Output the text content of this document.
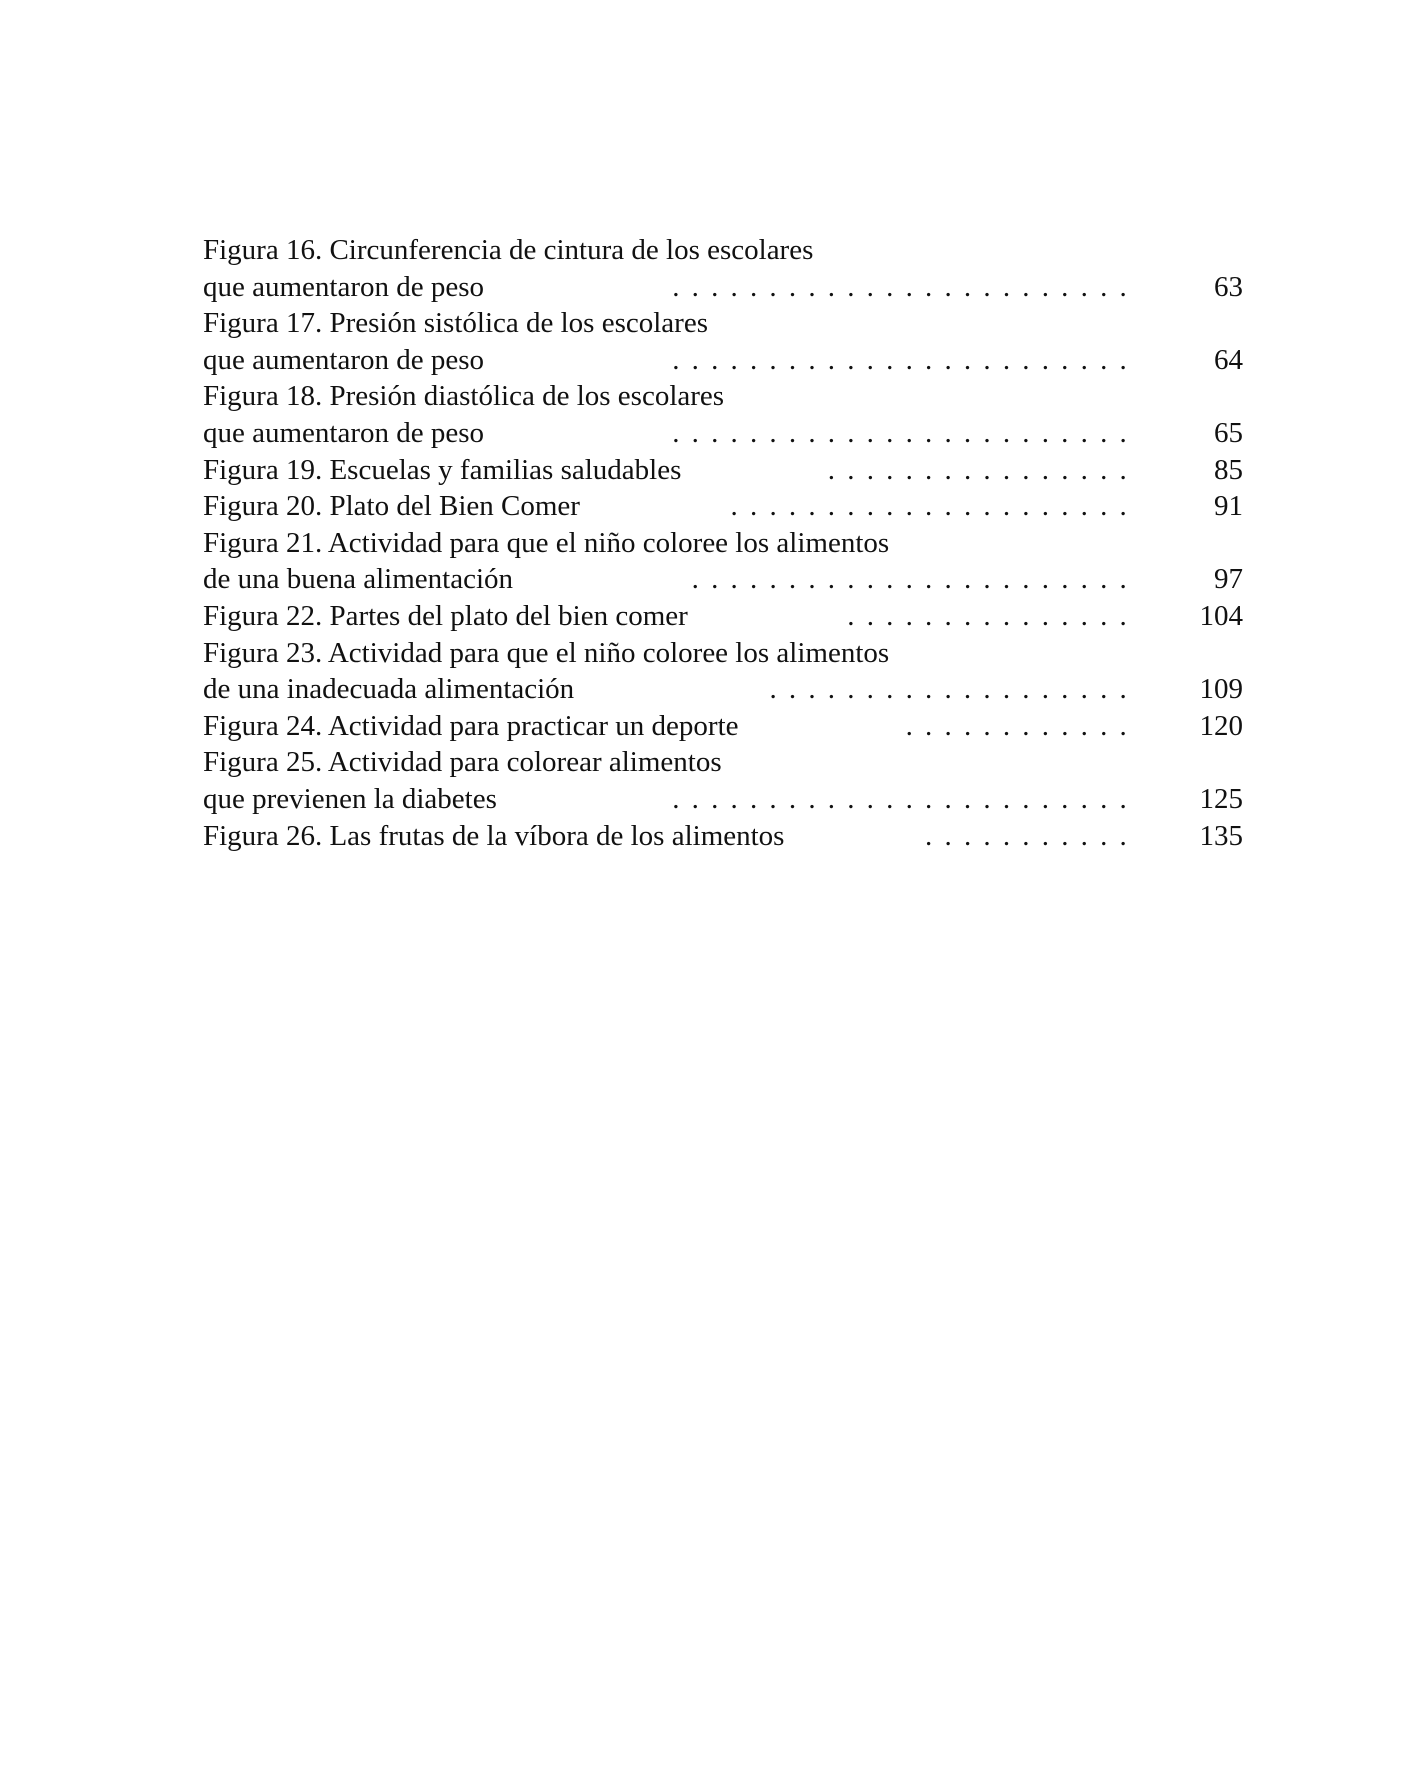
Figura 16. Circunferencia de cintura de los escolares
que aumentaron de peso	........................	63
Figura 17. Presión sistólica de los escolares
que aumentaron de peso	........................	64
Figura 18. Presión diastólica de los escolares
que aumentaron de peso	........................	65
Figura 19. Escuelas y familias saludables	................	85
Figura 20. Plato del Bien Comer	.....................	91
Figura 21. Actividad para que el niño coloree los alimentos
de una buena alimentación	.......................	97
Figura 22. Partes del plato del bien comer	............... 104
Figura 23. Actividad para que el niño coloree los alimentos
de una inadecuada alimentación	................... 109
Figura 24. Actividad para practicar un deporte	............ 120
Figura 25. Actividad para colorear alimentos
que previenen la diabetes	........................ 125
Figura 26. Las frutas de la víbora de los alimentos	........... 135
